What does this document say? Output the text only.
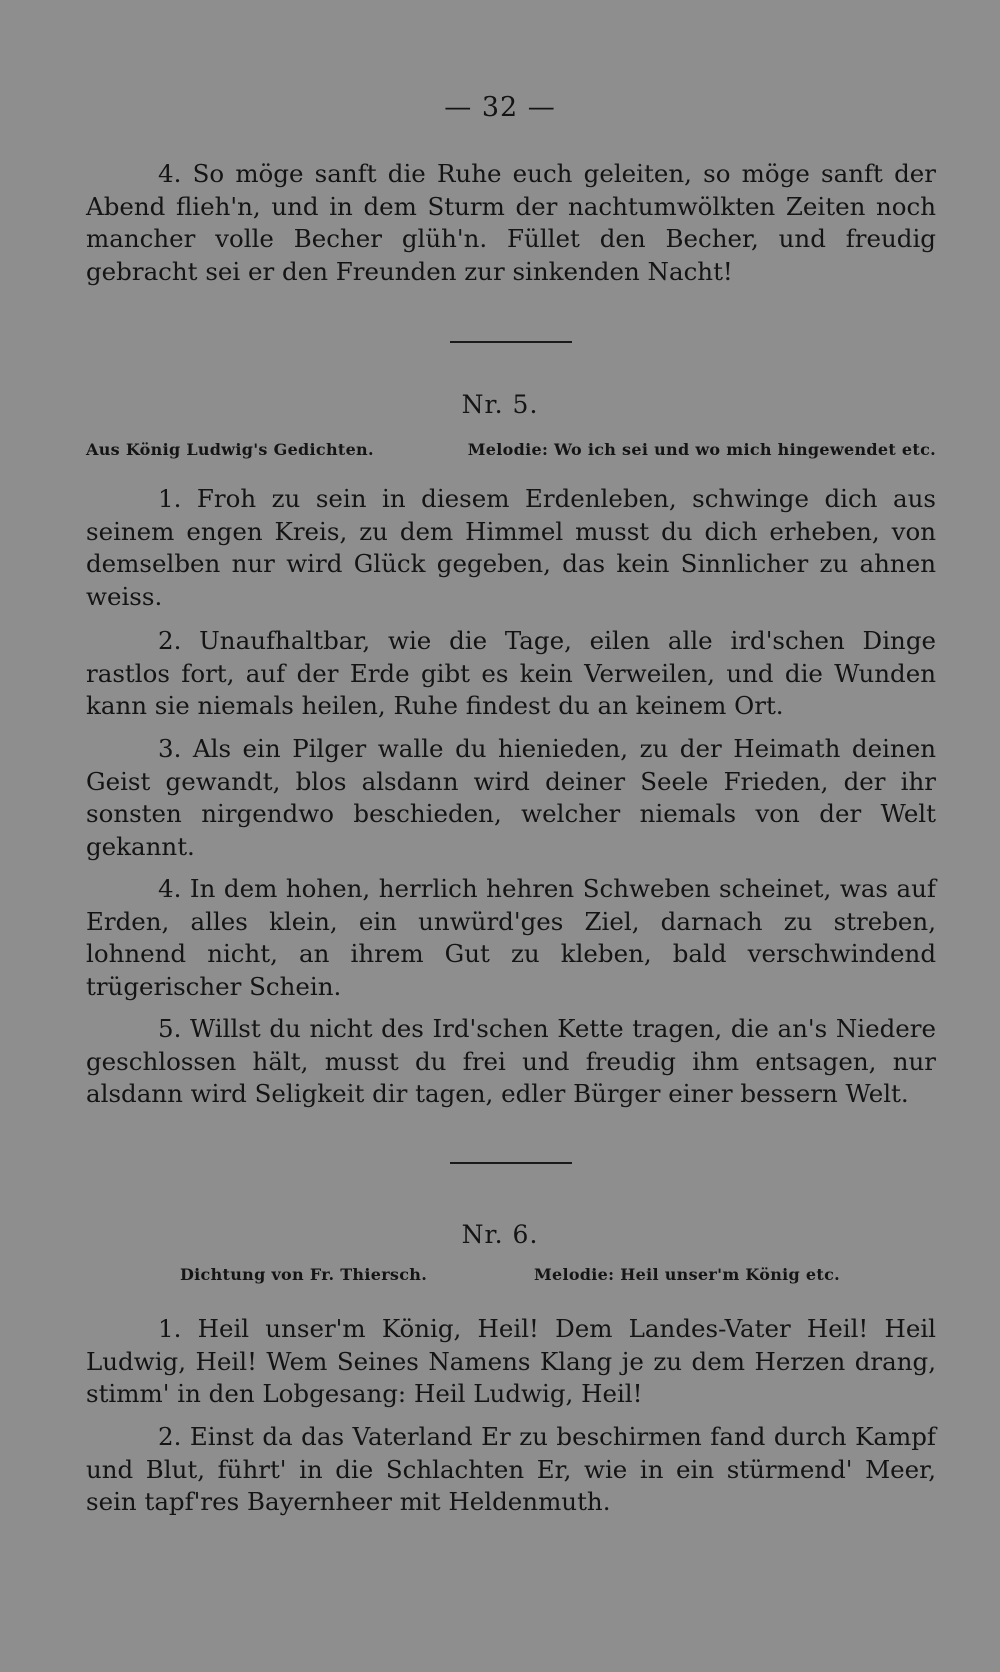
— 32 —

4. So möge sanft die Ruhe euch geleiten, so möge sanft der Abend flieh'n, und in dem Sturm der nachtumwölkten Zeiten noch mancher volle Becher glüh'n. Füllet den Becher, und freudig gebracht sei er den Freunden zur sinkenden Nacht!

Nr. 5.
Aus König Ludwig's Gedichten.	Melodie: Wo ich sei und wo mich hingewendet etc.

1. Froh zu sein in diesem Erdenleben, schwinge dich aus seinem engen Kreis, zu dem Himmel musst du dich erheben, von demselben nur wird Glück gegeben, das kein Sinnlicher zu ahnen weiss.

2. Unaufhaltbar, wie die Tage, eilen alle ird'schen Dinge rastlos fort, auf der Erde gibt es kein Verweilen, und die Wunden kann sie niemals heilen, Ruhe findest du an keinem Ort.

3. Als ein Pilger walle du hienieden, zu der Heimath deinen Geist gewandt, blos alsdann wird deiner Seele Frieden, der ihr sonsten nirgendwo beschieden, welcher niemals von der Welt gekannt.

4. In dem hohen, herrlich hehren Schweben scheinet, was auf Erden, alles klein, ein unwürd'ges Ziel, darnach zu streben, lohnend nicht, an ihrem Gut zu kleben, bald verschwindend trügerischer Schein.

5. Willst du nicht des Ird'schen Kette tragen, die an's Niedere geschlossen hält, musst du frei und freudig ihm entsagen, nur alsdann wird Seligkeit dir tagen, edler Bürger einer bessern Welt.

Nr. 6.
Dichtung von Fr. Thiersch.	Melodie: Heil unser'm König etc.

1. Heil unser'm König, Heil! Dem Landes-Vater Heil! Heil Ludwig, Heil! Wem Seines Namens Klang je zu dem Herzen drang, stimm' in den Lobgesang: Heil Ludwig, Heil!

2. Einst da das Vaterland Er zu beschirmen fand durch Kampf und Blut, führt' in die Schlachten Er, wie in ein stürmend' Meer, sein tapf'res Bayernheer mit Heldenmuth.
